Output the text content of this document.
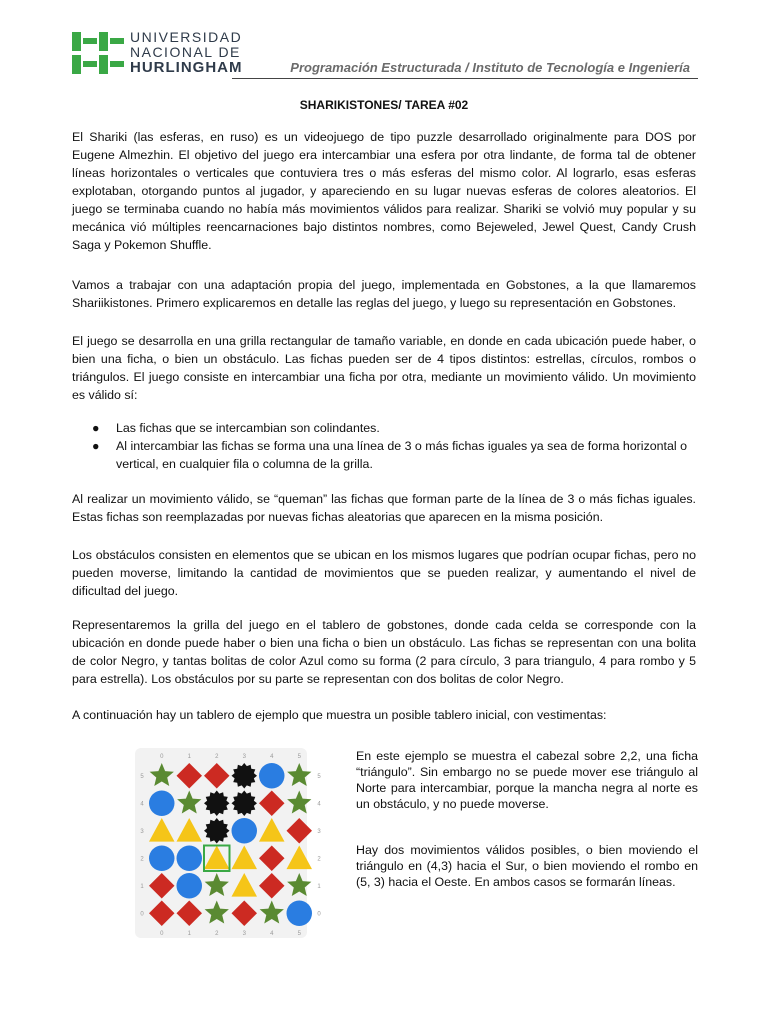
UNIVERSIDAD
NACIONAL DE
HURLINGHAM	Programación Estructurada / Instituto de Tecnología e Ingeniería
SHARIKISTONES/ TAREA #02

El Shariki (las esferas, en ruso) es un videojuego de tipo puzzle desarrollado originalmente para DOS por Eugene Almezhin. El objetivo del juego era intercambiar una esfera por otra lindante, de forma tal de obtener líneas horizontales o verticales que contuviera tres o más esferas del mismo color. Al lograrlo, esas esferas explotaban, otorgando puntos al jugador, y apareciendo en su lugar nuevas esferas de colores aleatorios. El juego se terminaba cuando no había más movimientos válidos para realizar. Shariki se volvió muy popular y su mecánica vió múltiples reencarnaciones bajo distintos nombres, como Bejeweled, Jewel Quest, Candy Crush Saga y Pokemon Shuffle.

Vamos a trabajar con una adaptación propia del juego, implementada en Gobstones, a la que llamaremos Shariikistones. Primero explicaremos en detalle las reglas del juego, y luego su representación en Gobstones.

El juego se desarrolla en una grilla rectangular de tamaño variable, en donde en cada ubicación puede haber, o bien una ficha, o bien un obstáculo. Las fichas pueden ser de 4 tipos distintos: estrellas, círculos, rombos o triángulos. El juego consiste en intercambiar una ficha por otra, mediante un movimiento válido. Un movimiento es válido sí:

● Las fichas que se intercambian son colindantes.
● Al intercambiar las fichas se forma una una línea de 3 o más fichas iguales ya sea de forma horizontal o vertical, en cualquier fila o columna de la grilla.

Al realizar un movimiento válido, se “queman” las fichas que forman parte de la línea de 3 o más fichas iguales. Estas fichas son reemplazadas por nuevas fichas aleatorias que aparecen en la misma posición.

Los obstáculos consisten en elementos que se ubican en los mismos lugares que podrían ocupar fichas, pero no pueden moverse, limitando la cantidad de movimientos que se pueden realizar, y aumentando el nivel de dificultad del juego.

Representaremos la grilla del juego en el tablero de gobstones, donde cada celda se corresponde con la ubicación en donde puede haber o bien una ficha o bien un obstáculo. Las fichas se representan con una bolita de color Negro, y tantas bolitas de color Azul como su forma (2 para círculo, 3 para triangulo, 4 para rombo y 5 para estrella). Los obstáculos por su parte se representan con dos bolitas de color Negro.

A continuación hay un tablero de ejemplo que muestra un posible tablero inicial, con vestimentas:

0
0
1
1
2
2
3
3
4
4
5
5
5	5
4	4
3	3
2	2
1	1
0	0

En este ejemplo se muestra el cabezal sobre 2,2, una ficha “triángulo”. Sin embargo no se puede mover ese triángulo al Norte para intercambiar, porque la mancha negra al norte es un obstáculo, y no puede moverse.

Hay dos movimientos válidos posibles, o bien moviendo el triángulo en (4,3) hacia el Sur, o bien moviendo el rombo en (5, 3) hacia el Oeste. En ambos casos se formarán líneas.
